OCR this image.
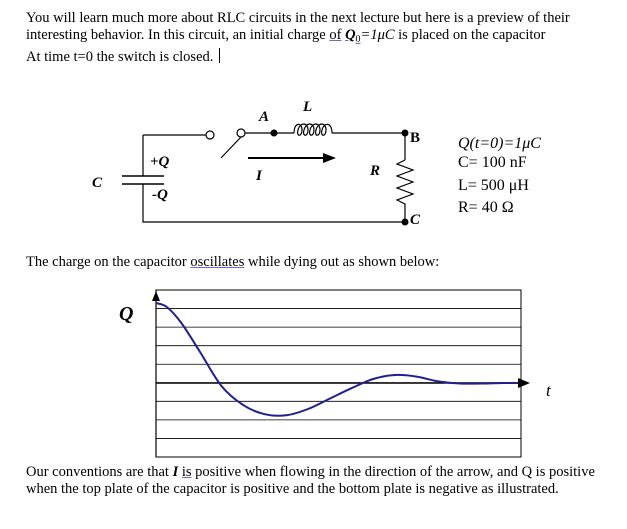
You will learn much more about RLC circuits in the next lecture but here is a preview of their
interesting behavior. In this circuit, an initial charge of $Q_0=1\mu C$ is placed on the capacitor
At time t=0 the switch is closed.
L
A
B
C
R
I
C
+Q
-Q
Q(t=0)=1μC
C= 100 nF
L= 500 μH
R= 40 Ω
Q
t
The charge on the capacitor oscillates while dying out as shown below:
Our conventions are that I is positive when flowing in the direction of the arrow, and Q is positive when the top plate of the capacitor is positive and the bottom plate is negative as illustrated.
